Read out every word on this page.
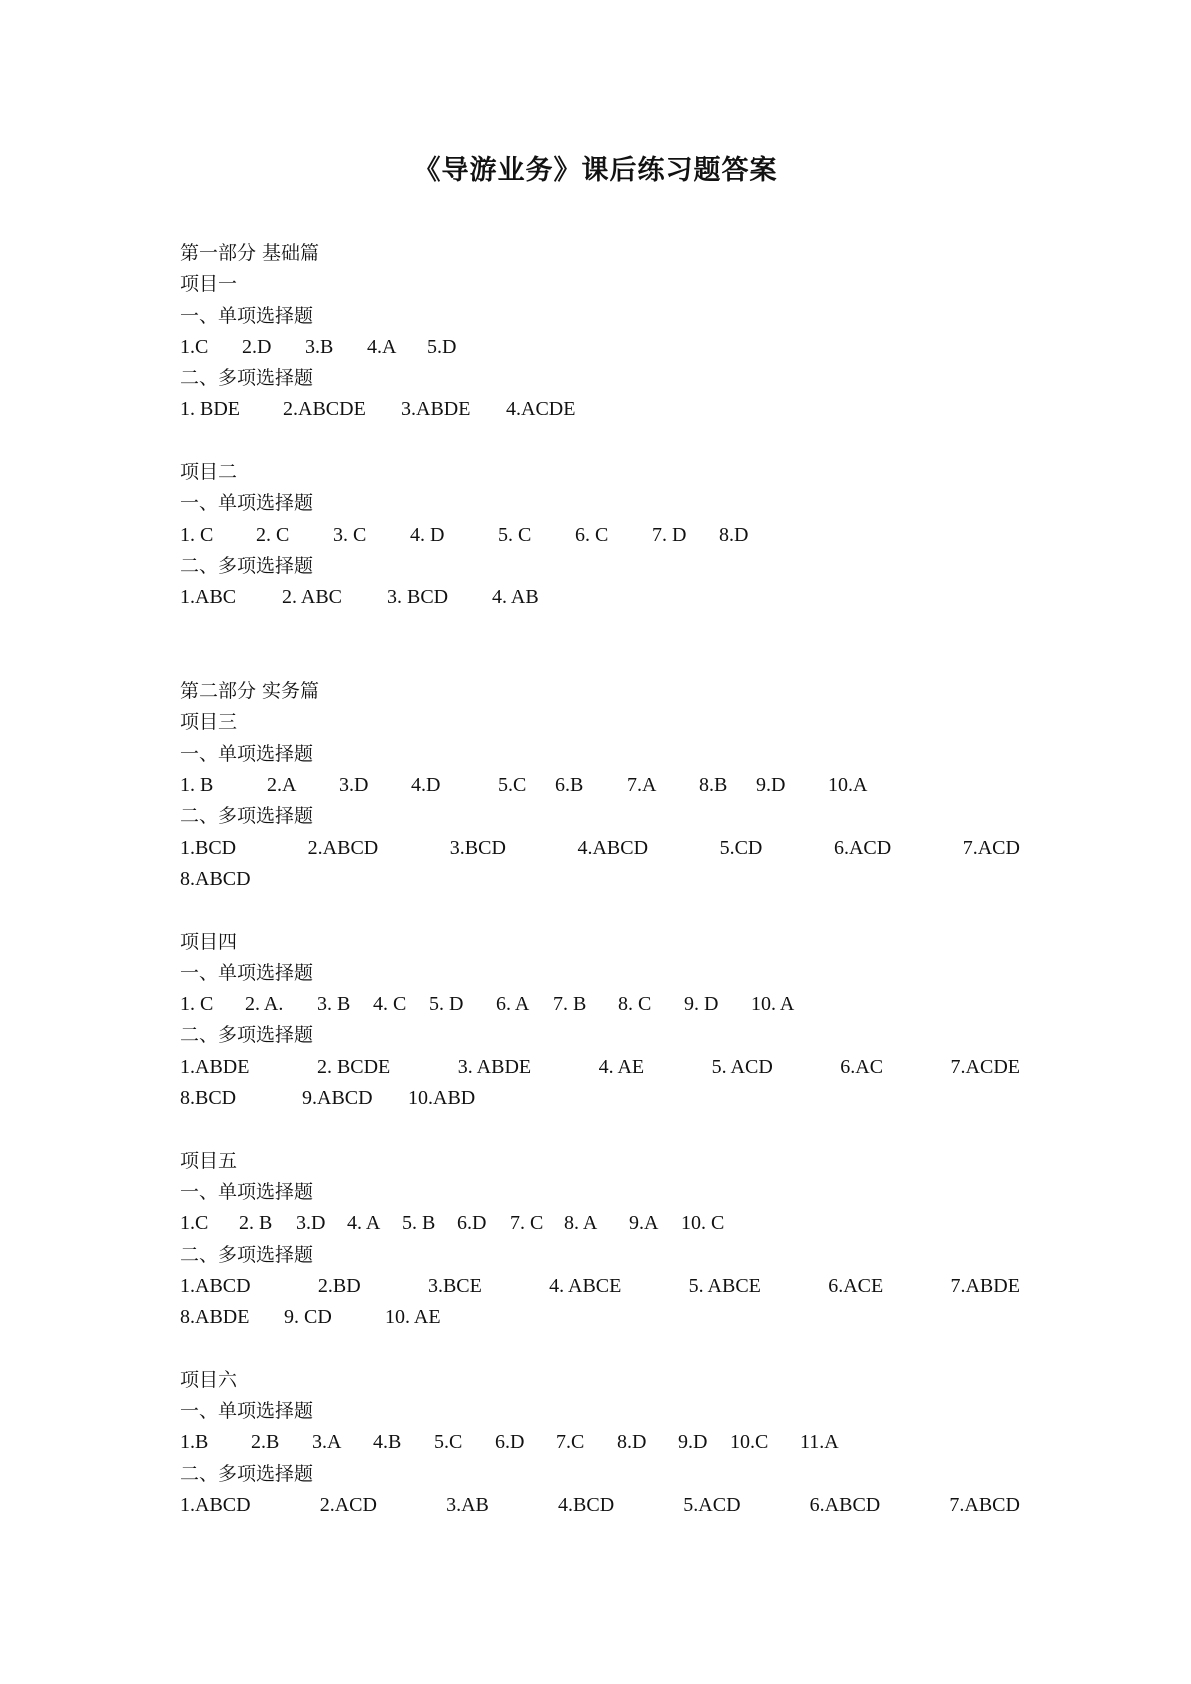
《导游业务》课后练习题答案
第一部分 基础篇
项目一
一、单项选择题
1.C 2.D 3.B 4.A 5.D
二、多项选择题
1. BDE 2.ABCDE 3.ABDE 4.ACDE
项目二
一、单项选择题
1. C 2. C 3. C 4. D	5. C 6. C 7. D 8.D
二、多项选择题
1.ABC 2. ABC 3. BCD 4. AB
第二部分 实务篇
项目三
一、单项选择题
1. B	2.A 3.D 4.D	5.C 6.B 7.A 8.B 9.D 10.A
二、多项选择题
1.BCD	2.ABCD	3.BCD	4.ABCD	5.CD	6.ACD	7.ACD
8.ABCD
项目四
一、单项选择题
1. C 2. A. 3. B 4. C 5. D 6. A 7. B 8. C 9. D 10. A
二、多项选择题
1.ABDE	2. BCDE	3. ABDE	4. AE	5. ACD	6.AC	7.ACDE
8.BCD	9.ABCD 10.ABD
项目五
一、单项选择题
1.C 2. B 3.D 4. A 5. B 6.D 7. C 8. A 9.A 10. C
二、多项选择题
1.ABCD	2.BD	3.BCE	4. ABCE	5. ABCE	6.ACE	7.ABDE
8.ABDE 9. CD	10. AE
项目六
一、单项选择题
1.B 2.B 3.A 4.B 5.C 6.D 7.C 8.D 9.D 10.C 11.A
二、多项选择题
1.ABCD	2.ACD	3.AB	4.BCD	5.ACD	6.ABCD	7.ABCD
